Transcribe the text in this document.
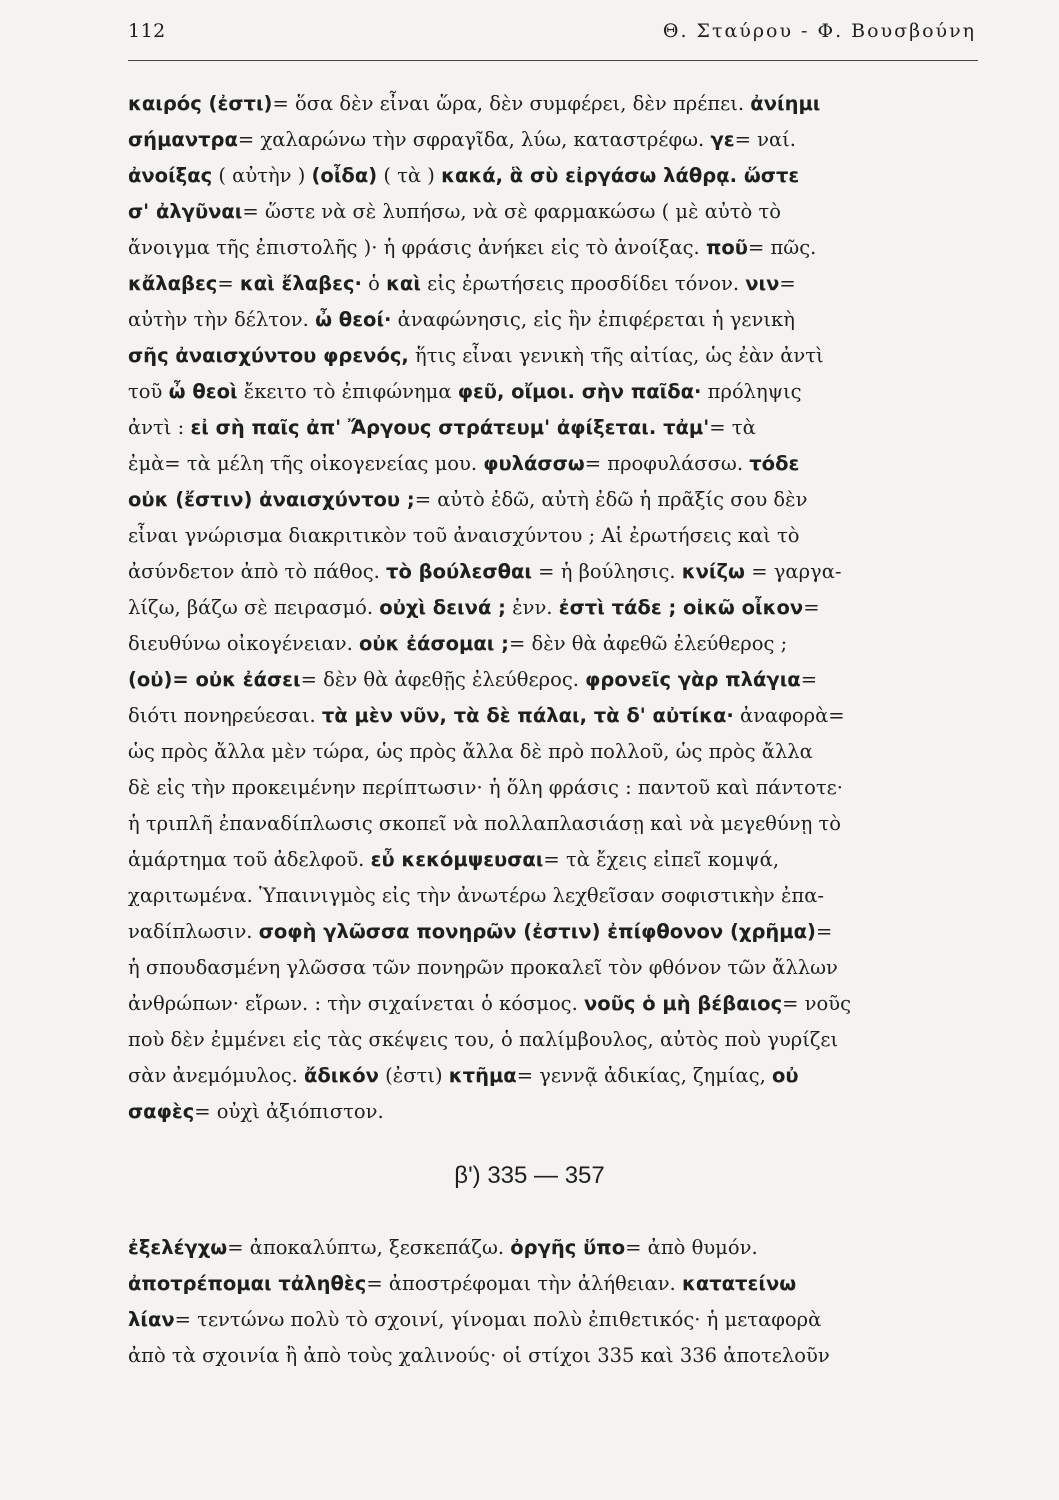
112	Θ. Σταύρου - Φ. Βουσβούνη
καιρός (ἐστι)= ὅσα δὲν εἶναι ὥρα, δὲν συμφέρει, δὲν πρέπει. ἀνίημι
σήμαντρα= χαλαρώνω τὴν σφραγῖδα, λύω, καταστρέφω. γε= ναί.
ἀνοίξας ( αὐτὴν ) (οἶδα) ( τὰ ) κακά, ἃ σὺ εἰργάσω λάθρᾳ. ὥστε
σ' ἀλγῦναι= ὥστε νὰ σὲ λυπήσω, νὰ σὲ φαρμακώσω ( μὲ αὐτὸ τὸ
ἄνοιγμα τῆς ἐπιστολῆς )· ἡ φράσις ἀνήκει εἰς τὸ ἀνοίξας. ποῦ= πῶς.
κἄλαβες= καὶ ἔλαβες· ὁ καὶ εἰς ἐρωτήσεις προσδίδει τόνον. νιν=
αὐτὴν τὴν δέλτον. ὦ θεοί· ἀναφώνησις, εἰς ἣν ἐπιφέρεται ἡ γενικὴ
σῆς ἀναισχύντου φρενός, ἥτις εἶναι γενικὴ τῆς αἰτίας, ὡς ἐὰν ἀντὶ
τοῦ ὦ θεοὶ ἔκειτο τὸ ἐπιφώνημα φεῦ, οἴμοι. σὴν παῖδα· πρόληψις
ἀντὶ : εἰ σὴ παῖς ἀπ' Ἄργους στράτευμ' ἀφίξεται. τἀμ'= τὰ
ἐμὰ= τὰ μέλη τῆς οἰκογενείας μου. φυλάσσω= προφυλάσσω. τόδε
οὐκ (ἔστιν) ἀναισχύντου ;= αὐτὸ ἐδῶ, αὐτὴ ἐδῶ ἡ πρᾶξίς σου δὲν
εἶναι γνώρισμα διακριτικὸν τοῦ ἀναισχύντου ; Αἱ ἐρωτήσεις καὶ τὸ
ἀσύνδετον ἀπὸ τὸ πάθος. τὸ βούλεσθαι = ἡ βούλησις. κνίζω = γαργα-
λίζω, βάζω σὲ πειρασμό. οὐχὶ δεινά ; ἐνν. ἐστὶ τάδε ; οἰκῶ οἶκον=
διευθύνω οἰκογένειαν. οὐκ ἐάσομαι ;= δὲν θὰ ἀφεθῶ ἐλεύθερος ;
(οὐ)= οὐκ ἐάσει= δὲν θὰ ἀφεθῇς ἐλεύθερος. φρονεῖς γὰρ πλάγια=
διότι πονηρεύεσαι. τὰ μὲν νῦν, τὰ δὲ πάλαι, τὰ δ' αὐτίκα· ἀναφορὰ=
ὡς πρὸς ἄλλα μὲν τώρα, ὡς πρὸς ἄλλα δὲ πρὸ πολλοῦ, ὡς πρὸς ἄλλα
δὲ εἰς τὴν προκειμένην περίπτωσιν· ἡ ὅλη φράσις : παντοῦ καὶ πάντοτε·
ἡ τριπλῆ ἐπαναδίπλωσις σκοπεῖ νὰ πολλαπλασιάσῃ καὶ νὰ μεγεθύνῃ τὸ
ἁμάρτημα τοῦ ἀδελφοῦ. εὖ κεκόμψευσαι= τὰ ἔχεις εἰπεῖ κομψά,
χαριτωμένα. Ὑπαινιγμὸς εἰς τὴν ἀνωτέρω λεχθεῖσαν σοφιστικὴν ἐπα-
ναδίπλωσιν. σοφὴ γλῶσσα πονηρῶν (ἐστιν) ἐπίφθονον (χρῆμα)=
ἡ σπουδασμένη γλῶσσα τῶν πονηρῶν προκαλεῖ τὸν φθόνον τῶν ἄλλων
ἀνθρώπων· εἴρων. : τὴν σιχαίνεται ὁ κόσμος. νοῦς ὁ μὴ βέβαιος= νοῦς
ποὺ δὲν ἐμμένει εἰς τὰς σκέψεις του, ὁ παλίμβουλος, αὐτὸς ποὺ γυρίζει
σὰν ἀνεμόμυλος. ἄδικόν (ἐστι) κτῆμα= γεννᾷ ἀδικίας, ζημίας, οὐ
σαφὲς= οὐχὶ ἀξιόπιστον.
β') 335 — 357
ἐξελέγχω= ἀποκαλύπτω, ξεσκεπάζω. ὀργῆς ὕπο= ἀπὸ θυμόν.
ἀποτρέπομαι τἀληθὲς= ἀποστρέφομαι τὴν ἀλήθειαν. κατατείνω
λίαν= τεντώνω πολὺ τὸ σχοινί, γίνομαι πολὺ ἐπιθετικός· ἡ μεταφορὰ
ἀπὸ τὰ σχοινία ἢ ἀπὸ τοὺς χαλινούς· οἱ στίχοι 335 καὶ 336 ἀποτελοῦν
